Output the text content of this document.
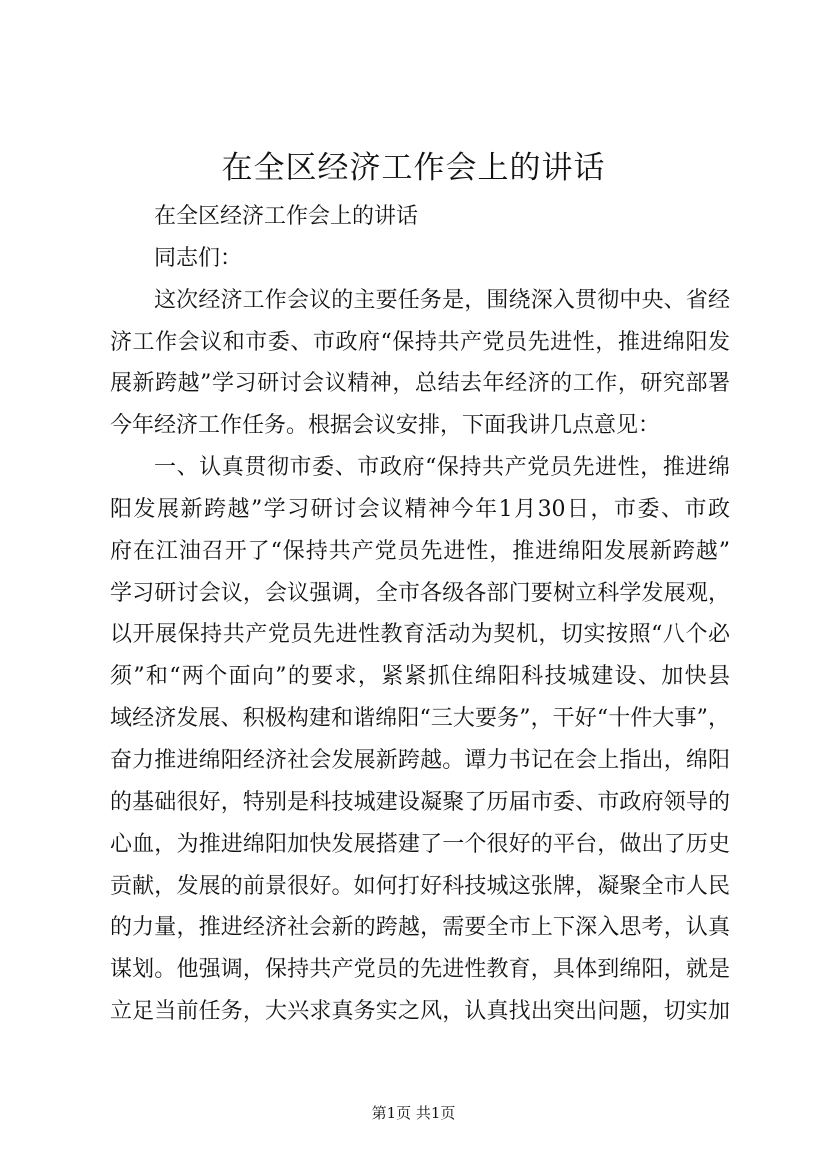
在全区经济工作会上的讲话
在全区经济工作会上的讲话
同志们：
这次经济工作会议的主要任务是，围绕深入贯彻中央、省经
济工作会议和市委、市政府“保持共产党员先进性，推进绵阳发
展新跨越”学习研讨会议精神，总结去年经济的工作，研究部署
今年经济工作任务。根据会议安排，下面我讲几点意见：
一、认真贯彻市委、市政府“保持共产党员先进性，推进绵
阳发展新跨越”学习研讨会议精神今年1月30日，市委、市政
府在江油召开了“保持共产党员先进性，推进绵阳发展新跨越”
学习研讨会议，会议强调，全市各级各部门要树立科学发展观，
以开展保持共产党员先进性教育活动为契机，切实按照“八个必
须”和“两个面向”的要求，紧紧抓住绵阳科技城建设、加快县
域经济发展、积极构建和谐绵阳“三大要务”，干好“十件大事”，
奋力推进绵阳经济社会发展新跨越。谭力书记在会上指出，绵阳
的基础很好，特别是科技城建设凝聚了历届市委、市政府领导的
心血，为推进绵阳加快发展搭建了一个很好的平台，做出了历史
贡献，发展的前景很好。如何打好科技城这张牌，凝聚全市人民
的力量，推进经济社会新的跨越，需要全市上下深入思考，认真
谋划。他强调，保持共产党员的先进性教育，具体到绵阳，就是
立足当前任务，大兴求真务实之风，认真找出突出问题，切实加
第1页 共1页
